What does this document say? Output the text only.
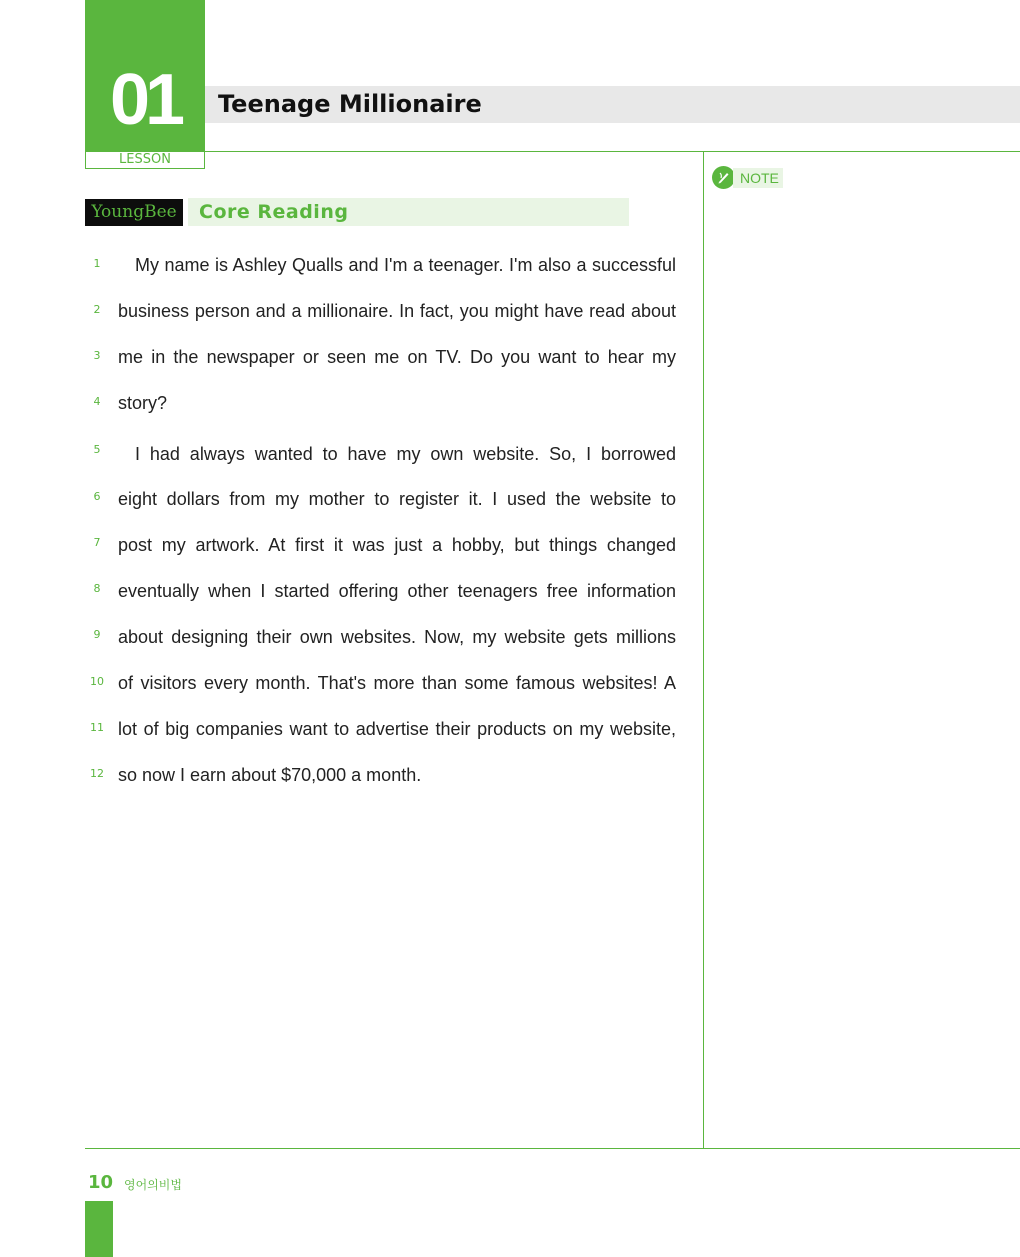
01
LESSON
Teenage Millionaire
YoungBee	Core Reading
NOTE
1	My name is Ashley Qualls and I'm a teenager. I'm also a successful
2 business person and a millionaire. In fact, you might have read about
3 me in the newspaper or seen me on TV. Do you want to hear my
4 story?
5	I had always wanted to have my own website. So, I borrowed
6 eight dollars from my mother to register it. I used the website to
7 post my artwork. At first it was just a hobby, but things changed
8 eventually when I started offering other teenagers free information
9 about designing their own websites. Now, my website gets millions
10 of visitors every month. That's more than some famous websites! A
11 lot of big companies want to advertise their products on my website,
12 so now I earn about $70,000 a month.
10 영어의비법
